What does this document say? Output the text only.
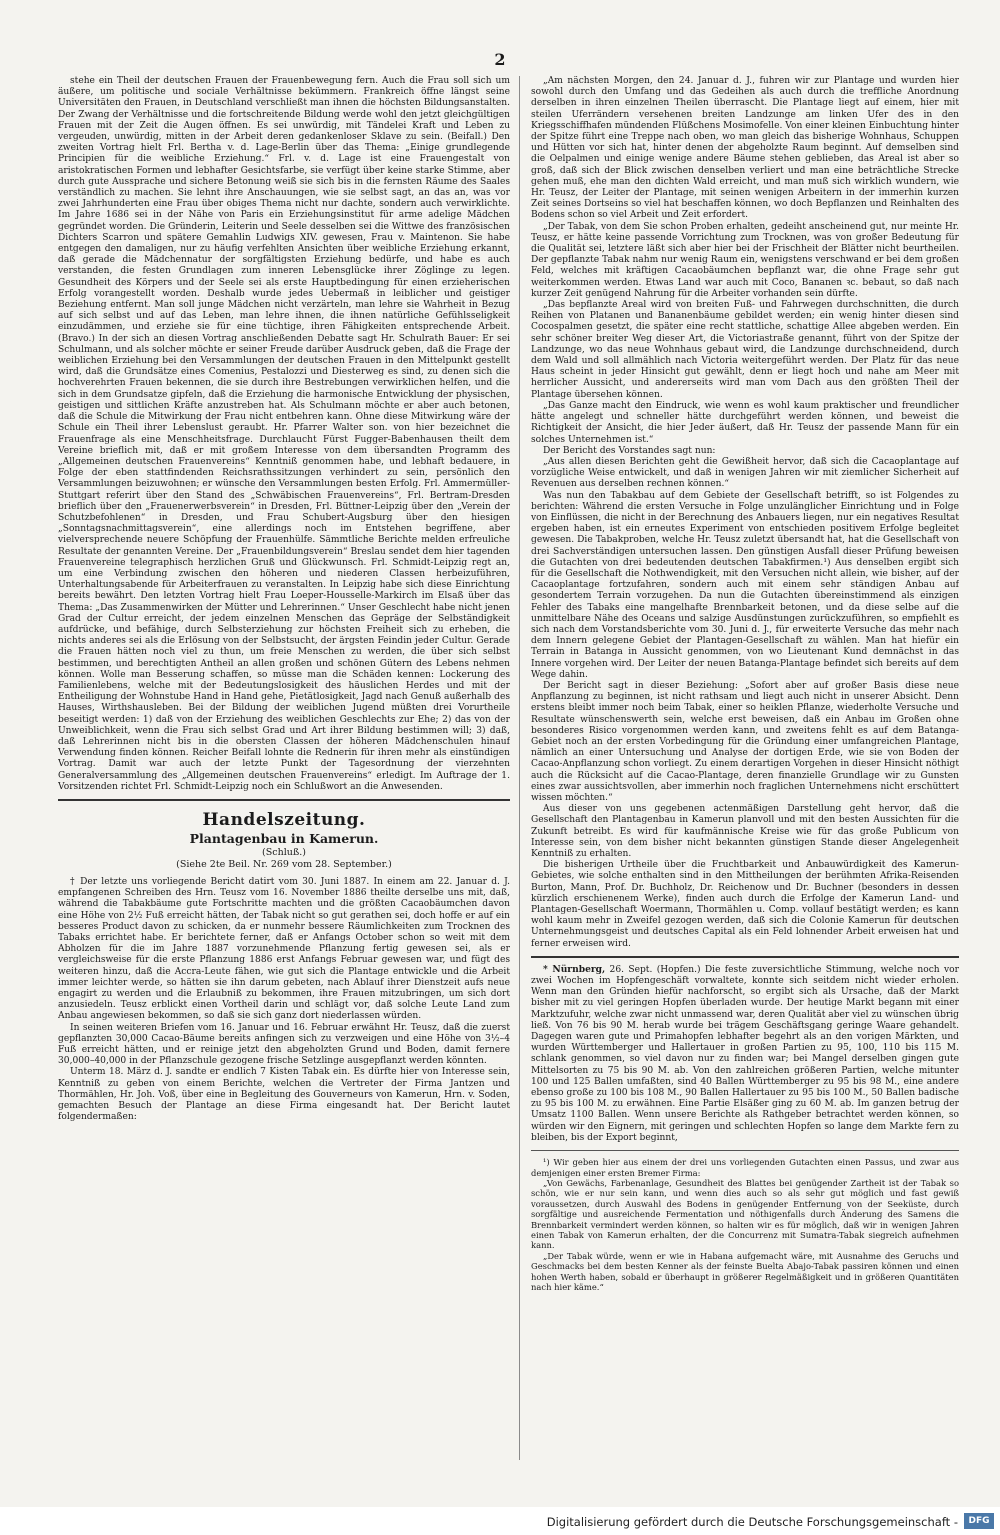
2

stehe ein Theil der deutschen Frauen der Frauenbewegung fern. Auch die Frau soll sich um äußere, um politische und sociale Verhältnisse bekümmern. Frankreich öffne längst seine Universitäten den Frauen, in Deutschland verschließt man ihnen die höchsten Bildungsanstalten. Der Zwang der Verhältnisse und die fortschreitende Bildung werde wohl den jetzt gleichgültigen Frauen mit der Zeit die Augen öffnen. Es sei unwürdig, mit Tändelei Kraft und Leben zu vergeuden, unwürdig, mitten in der Arbeit deren gedankenloser Sklave zu sein. (Beifall.) Den zweiten Vortrag hielt Frl. Bertha v. d. Lage-Berlin über das Thema: „Einige grundlegende Principien für die weibliche Erziehung.“ Frl. v. d. Lage ist eine Frauengestalt von aristokratischen Formen und lebhafter Gesichtsfarbe, sie verfügt über keine starke Stimme, aber durch gute Aussprache und sichere Betonung weiß sie sich bis in die fernsten Räume des Saales verständlich zu machen. Sie lehnt ihre Anschauungen, wie sie selbst sagt, an das an, was vor zwei Jahrhunderten eine Frau über obiges Thema nicht nur dachte, sondern auch verwirklichte. Im Jahre 1686 sei in der Nähe von Paris ein Erziehungsinstitut für arme adelige Mädchen gegründet worden. Die Gründerin, Leiterin und Seele desselben sei die Wittwe des französischen Dichters Scarron und spätere Gemahlin Ludwigs XIV. gewesen, Frau v. Maintenon. Sie habe entgegen den damaligen, nur zu häufig verfehlten Ansichten über weibliche Erziehung erkannt, daß gerade die Mädchennatur der sorgfältigsten Erziehung bedürfe, und habe es auch verstanden, die festen Grundlagen zum inneren Lebensglücke ihrer Zöglinge zu legen. Gesundheit des Körpers und der Seele sei als erste Hauptbedingung für einen erzieherischen Erfolg vorangestellt worden. Deshalb wurde jedes Uebermaß in leiblicher und geistiger Beziehung entfernt. Man soll junge Mädchen nicht verzärteln, man lehre sie Wahrheit in Bezug auf sich selbst und auf das Leben, man lehre ihnen, die ihnen natürliche Gefühlsseligkeit einzudämmen, und erziehe sie für eine tüchtige, ihren Fähigkeiten entsprechende Arbeit. (Bravo.) In der sich an diesen Vortrag anschließenden Debatte sagt Hr. Schulrath Bauer: Er sei Schulmann, und als solcher möchte er seiner Freude darüber Ausdruck geben, daß die Frage der weiblichen Erziehung bei den Versammlungen der deutschen Frauen in den Mittelpunkt gestellt wird, daß die Grundsätze eines Comenius, Pestalozzi und Diesterweg es sind, zu denen sich die hochverehrten Frauen bekennen, die sie durch ihre Bestrebungen verwirklichen helfen, und die sich in dem Grundsatze gipfeln, daß die Erziehung die harmonische Entwicklung der physischen, geistigen und sittlichen Kräfte anzustreben hat. Als Schulmann möchte er aber auch betonen, daß die Schule die Mitwirkung der Frau nicht entbehren kann. Ohne diese Mitwirkung wäre der Schule ein Theil ihrer Lebenslust geraubt. Hr. Pfarrer Walter son. von hier bezeichnet die Frauenfrage als eine Menschheitsfrage. Durchlaucht Fürst Fugger-Babenhausen theilt dem Vereine brieflich mit, daß er mit großem Interesse von dem übersandten Programm des „Allgemeinen deutschen Frauenvereins“ Kenntniß genommen habe, und lebhaft bedauere, in Folge der eben stattfindenden Reichsrathssitzungen verhindert zu sein, persönlich den Versammlungen beizuwohnen; er wünsche den Versammlungen besten Erfolg. Frl. Ammermüller-Stuttgart referirt über den Stand des „Schwäbischen Frauenvereins“, Frl. Bertram-Dresden brieflich über den „Frauenerwerbsverein“ in Dresden, Frl. Büttner-Leipzig über den „Verein der Schutzbefohlenen“ in Dresden, und Frau Schubert-Augsburg über den hiesigen „Sonntagsnachmittagsverein“, eine allerdings noch im Entstehen begriffene, aber vielversprechende neuere Schöpfung der Frauenhülfe. Sämmtliche Berichte melden erfreuliche Resultate der genannten Vereine. Der „Frauenbildungsverein“ Breslau sendet dem hier tagenden Frauenvereine telegraphisch herzlichen Gruß und Glückwunsch. Frl. Schmidt-Leipzig regt an, um eine Verbindung zwischen den höheren und niederen Classen herbeizuführen, Unterhaltungsabende für Arbeiterfrauen zu veranstalten. In Leipzig habe sich diese Einrichtung bereits bewährt. Den letzten Vortrag hielt Frau Loeper-Housselle-Markirch im Elsaß über das Thema: „Das Zusammenwirken der Mütter und Lehrerinnen.“ Unser Geschlecht habe nicht jenen Grad der Cultur erreicht, der jedem einzelnen Menschen das Gepräge der Selbständigkeit aufdrücke, und befähige, durch Selbsterziehung zur höchsten Freiheit sich zu erheben, die nichts anderes sei als die Erlösung von der Selbstsucht, der ärgsten Feindin jeder Cultur. Gerade die Frauen hätten noch viel zu thun, um freie Menschen zu werden, die über sich selbst bestimmen, und berechtigten Antheil an allen großen und schönen Gütern des Lebens nehmen können. Wolle man Besserung schaffen, so müsse man die Schäden kennen: Lockerung des Familienlebens, welche mit der Bedeutungslosigkeit des häuslichen Herdes und mit der Entheiligung der Wohnstube Hand in Hand gehe, Pietätlosigkeit, Jagd nach Genuß außerhalb des Hauses, Wirthshausleben. Bei der Bildung der weiblichen Jugend müßten drei Vorurtheile beseitigt werden: 1) daß von der Erziehung des weiblichen Geschlechts zur Ehe; 2) das von der Unweiblichkeit, wenn die Frau sich selbst Grad und Art ihrer Bildung bestimmen will; 3) daß, daß Lehrerinnen nicht bis in die obersten Classen der höheren Mädchenschulen hinauf Verwendung finden können. Reicher Beifall lohnte die Rednerin für ihren mehr als einstündigen Vortrag. Damit war auch der letzte Punkt der Tagesordnung der vierzehnten Generalversammlung des „Allgemeinen deutschen Frauenvereins“ erledigt. Im Auftrage der 1. Vorsitzenden richtet Frl. Schmidt-Leipzig noch ein Schlußwort an die Anwesenden.

Handelszeitung.
Plantagenbau in Kamerun.
(Schluß.)
(Siehe 2te Beil. Nr. 269 vom 28. September.)

† Der letzte uns vorliegende Bericht datirt vom 30. Juni 1887. In einem am 22. Januar d. J. empfangenen Schreiben des Hrn. Teusz vom 16. November 1886 theilte derselbe uns mit, daß, während die Tabakbäume gute Fortschritte machten und die größten Cacaobäumchen davon eine Höhe von 2½ Fuß erreicht hätten, der Tabak nicht so gut gerathen sei, doch hoffe er auf ein besseres Product davon zu schicken, da er nunmehr bessere Räumlichkeiten zum Trocknen des Tabaks errichtet habe. Er berichtete ferner, daß er Anfangs October schon so weit mit dem Abholzen für die im Jahre 1887 vorzunehmende Pflanzung fertig gewesen sei, als er vergleichsweise für die erste Pflanzung 1886 erst Anfangs Februar gewesen war, und fügt des weiteren hinzu, daß die Accra-Leute fähen, wie gut sich die Plantage entwickle und die Arbeit immer leichter werde, so hätten sie ihn darum gebeten, nach Ablauf ihrer Dienstzeit aufs neue engagirt zu werden und die Erlaubniß zu bekommen, ihre Frauen mitzubringen, um sich dort anzusiedeln. Teusz erblickt einen Vortheil darin und schlägt vor, daß solche Leute Land zum Anbau angewiesen bekommen, so daß sie sich ganz dort niederlassen würden.

In seinen weiteren Briefen vom 16. Januar und 16. Februar erwähnt Hr. Teusz, daß die zuerst gepflanzten 30,000 Cacao-Bäume bereits anfingen sich zu verzweigen und eine Höhe von 3½–4 Fuß erreicht hätten, und er reinige jetzt den abgeholzten Grund und Boden, damit fernere 30,000–40,000 in der Pflanzschule gezogene frische Setzlinge ausgepflanzt werden könnten.

Unterm 18. März d. J. sandte er endlich 7 Kisten Tabak ein. Es dürfte hier von Interesse sein, Kenntniß zu geben von einem Berichte, welchen die Vertreter der Firma Jantzen und Thormählen, Hr. Joh. Voß, über eine in Begleitung des Gouverneurs von Kamerun, Hrn. v. Soden, gemachten Besuch der Plantage an diese Firma eingesandt hat. Der Bericht lautet folgendermaßen:

„Am nächsten Morgen, den 24. Januar d. J., fuhren wir zur Plantage und wurden hier sowohl durch den Umfang und das Gedeihen als auch durch die treffliche Anordnung derselben in ihren einzelnen Theilen überrascht. Die Plantage liegt auf einem, hier mit steilen Uferrändern versehenen breiten Landzunge am linken Ufer des in den Kriegsschiffhafen mündenden Flüßchens Mosimofelle. Von einer kleinen Einbuchtung hinter der Spitze führt eine Treppe nach oben, wo man gleich das bisherige Wohnhaus, Schuppen und Hütten vor sich hat, hinter denen der abgeholzte Raum beginnt. Auf demselben sind die Oelpalmen und einige wenige andere Bäume stehen geblieben, das Areal ist aber so groß, daß sich der Blick zwischen denselben verliert und man eine beträchtliche Strecke gehen muß, ehe man den dichten Wald erreicht, und man muß sich wirklich wundern, wie Hr. Teusz, der Leiter der Plantage, mit seinen wenigen Arbeitern in der immerhin kurzen Zeit seines Dortseins so viel hat beschaffen können, wo doch Bepflanzen und Reinhalten des Bodens schon so viel Arbeit und Zeit erfordert.

„Der Tabak, von dem Sie schon Proben erhalten, gedeiht anscheinend gut, nur meinte Hr. Teusz, er hätte keine passende Vorrichtung zum Trocknen, was von großer Bedeutung für die Qualität sei, letztere läßt sich aber hier bei der Frischheit der Blätter nicht beurtheilen. Der gepflanzte Tabak nahm nur wenig Raum ein, wenigstens verschwand er bei dem großen Feld, welches mit kräftigen Cacaobäumchen bepflanzt war, die ohne Frage sehr gut weiterkommen werden. Etwas Land war auch mit Coco, Bananen ꝛc. bebaut, so daß nach kurzer Zeit genügend Nahrung für die Arbeiter vorhanden sein dürfte.

„Das bepflanzte Areal wird von breiten Fuß- und Fahrwegen durchschnitten, die durch Reihen von Platanen und Bananenbäume gebildet werden; ein wenig hinter diesen sind Cocospalmen gesetzt, die später eine recht stattliche, schattige Allee abgeben werden. Ein sehr schöner breiter Weg dieser Art, die Victoriastraße genannt, führt von der Spitze der Landzunge, wo das neue Wohnhaus gebaut wird, die Landzunge durchschneidend, durch dem Wald und soll allmählich nach Victoria weitergeführt werden. Der Platz für das neue Haus scheint in jeder Hinsicht gut gewählt, denn er liegt hoch und nahe am Meer mit herrlicher Aussicht, und andererseits wird man vom Dach aus den größten Theil der Plantage übersehen können.

„Das Ganze macht den Eindruck, wie wenn es wohl kaum praktischer und freundlicher hätte angelegt und schneller hätte durchgeführt werden können, und beweist die Richtigkeit der Ansicht, die hier Jeder äußert, daß Hr. Teusz der passende Mann für ein solches Unternehmen ist.“

Der Bericht des Vorstandes sagt nun:

„Aus allen diesen Berichten geht die Gewißheit hervor, daß sich die Cacaoplantage auf vorzügliche Weise entwickelt, und daß in wenigen Jahren wir mit ziemlicher Sicherheit auf Revenuen aus derselben rechnen können.“

Was nun den Tabakbau auf dem Gebiete der Gesellschaft betrifft, so ist Folgendes zu berichten: Während die ersten Versuche in Folge unzulänglicher Einrichtung und in Folge von Einflüssen, die nicht in der Berechnung des Anbauers liegen, nur ein negatives Resultat ergeben haben, ist ein erneutes Experiment von entschieden positivem Erfolge begleitet gewesen. Die Tabakproben, welche Hr. Teusz zuletzt übersandt hat, hat die Gesellschaft von drei Sachverständigen untersuchen lassen. Den günstigen Ausfall dieser Prüfung beweisen die Gutachten von drei bedeutenden deutschen Tabakfirmen.¹) Aus denselben ergibt sich für die Gesellschaft die Nothwendigkeit, mit den Versuchen nicht allein, wie bisher, auf der Cacaoplantage fortzufahren, sondern auch mit einem sehr ständigen Anbau auf gesondertem Terrain vorzugehen. Da nun die Gutachten übereinstimmend als einzigen Fehler des Tabaks eine mangelhafte Brennbarkeit betonen, und da diese selbe auf die unmittelbare Nähe des Oceans und salzige Ausdünstungen zurückzuführen, so empfiehlt es sich nach dem Vorstandsberichte vom 30. Juni d. J., für erweiterte Versuche das mehr nach dem Innern gelegene Gebiet der Plantagen-Gesellschaft zu wählen. Man hat hiefür ein Terrain in Batanga in Aussicht genommen, von wo Lieutenant Kund demnächst in das Innere vorgehen wird. Der Leiter der neuen Batanga-Plantage befindet sich bereits auf dem Wege dahin.

Der Bericht sagt in dieser Beziehung: „Sofort aber auf großer Basis diese neue Anpflanzung zu beginnen, ist nicht rathsam und liegt auch nicht in unserer Absicht. Denn erstens bleibt immer noch beim Tabak, einer so heiklen Pflanze, wiederholte Versuche und Resultate wünschenswerth sein, welche erst beweisen, daß ein Anbau im Großen ohne besonderes Risico vorgenommen werden kann, und zweitens fehlt es auf dem Batanga-Gebiet noch an der ersten Vorbedingung für die Gründung einer umfangreichen Plantage, nämlich an einer Untersuchung und Analyse der dortigen Erde, wie sie von Boden der Cacao-Anpflanzung schon vorliegt. Zu einem derartigen Vorgehen in dieser Hinsicht nöthigt auch die Rücksicht auf die Cacao-Plantage, deren finanzielle Grundlage wir zu Gunsten eines zwar aussichtsvollen, aber immerhin noch fraglichen Unternehmens nicht erschüttert wissen möchten.“

Aus dieser von uns gegebenen actenmäßigen Darstellung geht hervor, daß die Gesellschaft den Plantagenbau in Kamerun planvoll und mit den besten Aussichten für die Zukunft betreibt. Es wird für kaufmännische Kreise wie für das große Publicum von Interesse sein, von dem bisher nicht bekannten günstigen Stande dieser Angelegenheit Kenntniß zu erhalten.

Die bisherigen Urtheile über die Fruchtbarkeit und Anbauwürdigkeit des Kamerun-Gebietes, wie solche enthalten sind in den Mittheilungen der berühmten Afrika-Reisenden Burton, Mann, Prof. Dr. Buchholz, Dr. Reichenow und Dr. Buchner (besonders in dessen kürzlich erschienenem Werke), finden auch durch die Erfolge der Kamerun Land- und Plantagen-Gesellschaft Woermann, Thormählen u. Comp. vollauf bestätigt werden; es kann wohl kaum mehr in Zweifel gezogen werden, daß sich die Colonie Kamerun für deutschen Unternehmungsgeist und deutsches Capital als ein Feld lohnender Arbeit erweisen hat und ferner erweisen wird.

* Nürnberg, 26. Sept. (Hopfen.) Die feste zuversichtliche Stimmung, welche noch vor zwei Wochen im Hopfengeschäft vorwaltete, konnte sich seitdem nicht wieder erholen. Wenn man den Gründen hiefür nachforscht, so ergibt sich als Ursache, daß der Markt bisher mit zu viel geringen Hopfen überladen wurde. Der heutige Markt begann mit einer Marktzufuhr, welche zwar nicht unmassend war, deren Qualität aber viel zu wünschen übrig ließ. Von 76 bis 90 M. herab wurde bei trägem Geschäftsgang geringe Waare gehandelt. Dagegen waren gute und Primahopfen lebhafter begehrt als an den vorigen Märkten, und wurden Württemberger und Hallertauer in großen Partien zu 95, 100, 110 bis 115 M. schlank genommen, so viel davon nur zu finden war; bei Mangel derselben gingen gute Mittelsorten zu 75 bis 90 M. ab. Von den zahlreichen größeren Partien, welche mitunter 100 und 125 Ballen umfaßten, sind 40 Ballen Württemberger zu 95 bis 98 M., eine andere ebenso große zu 100 bis 108 M., 90 Ballen Hallertauer zu 95 bis 100 M., 50 Ballen badische zu 95 bis 100 M. zu erwähnen. Eine Partie Elsäßer ging zu 60 M. ab. Im ganzen betrug der Umsatz 1100 Ballen. Wenn unsere Berichte als Rathgeber betrachtet werden können, so würden wir den Eignern, mit geringen und schlechten Hopfen so lange dem Markte fern zu bleiben, bis der Export beginnt,

¹) Wir geben hier aus einem der drei uns vorliegenden Gutachten einen Passus, und zwar aus demjenigen einer ersten Bremer Firma:

„Von Gewächs, Farbenanlage, Gesundheit des Blattes bei genügender Zartheit ist der Tabak so schön, wie er nur sein kann, und wenn dies auch so als sehr gut möglich und fast gewiß voraussetzen, durch Auswahl des Bodens in genügender Entfernung von der Seeküste, durch sorgfältige und ausreichende Fermentation und nöthigenfalls durch Änderung des Samens die Brennbarkeit vermindert werden können, so halten wir es für möglich, daß wir in wenigen Jahren einen Tabak von Kamerun erhalten, der die Concurrenz mit Sumatra-Tabak siegreich aufnehmen kann.

„Der Tabak würde, wenn er wie in Habana aufgemacht wäre, mit Ausnahme des Geruchs und Geschmacks bei dem besten Kenner als der feinste Buelta Abajo-Tabak passiren können und einen hohen Werth haben, sobald er überhaupt in größerer Regelmäßigkeit und in größeren Quantitäten nach hier käme.“

Digitalisierung gefördert durch die Deutsche Forschungsgemeinschaft -	DFG
